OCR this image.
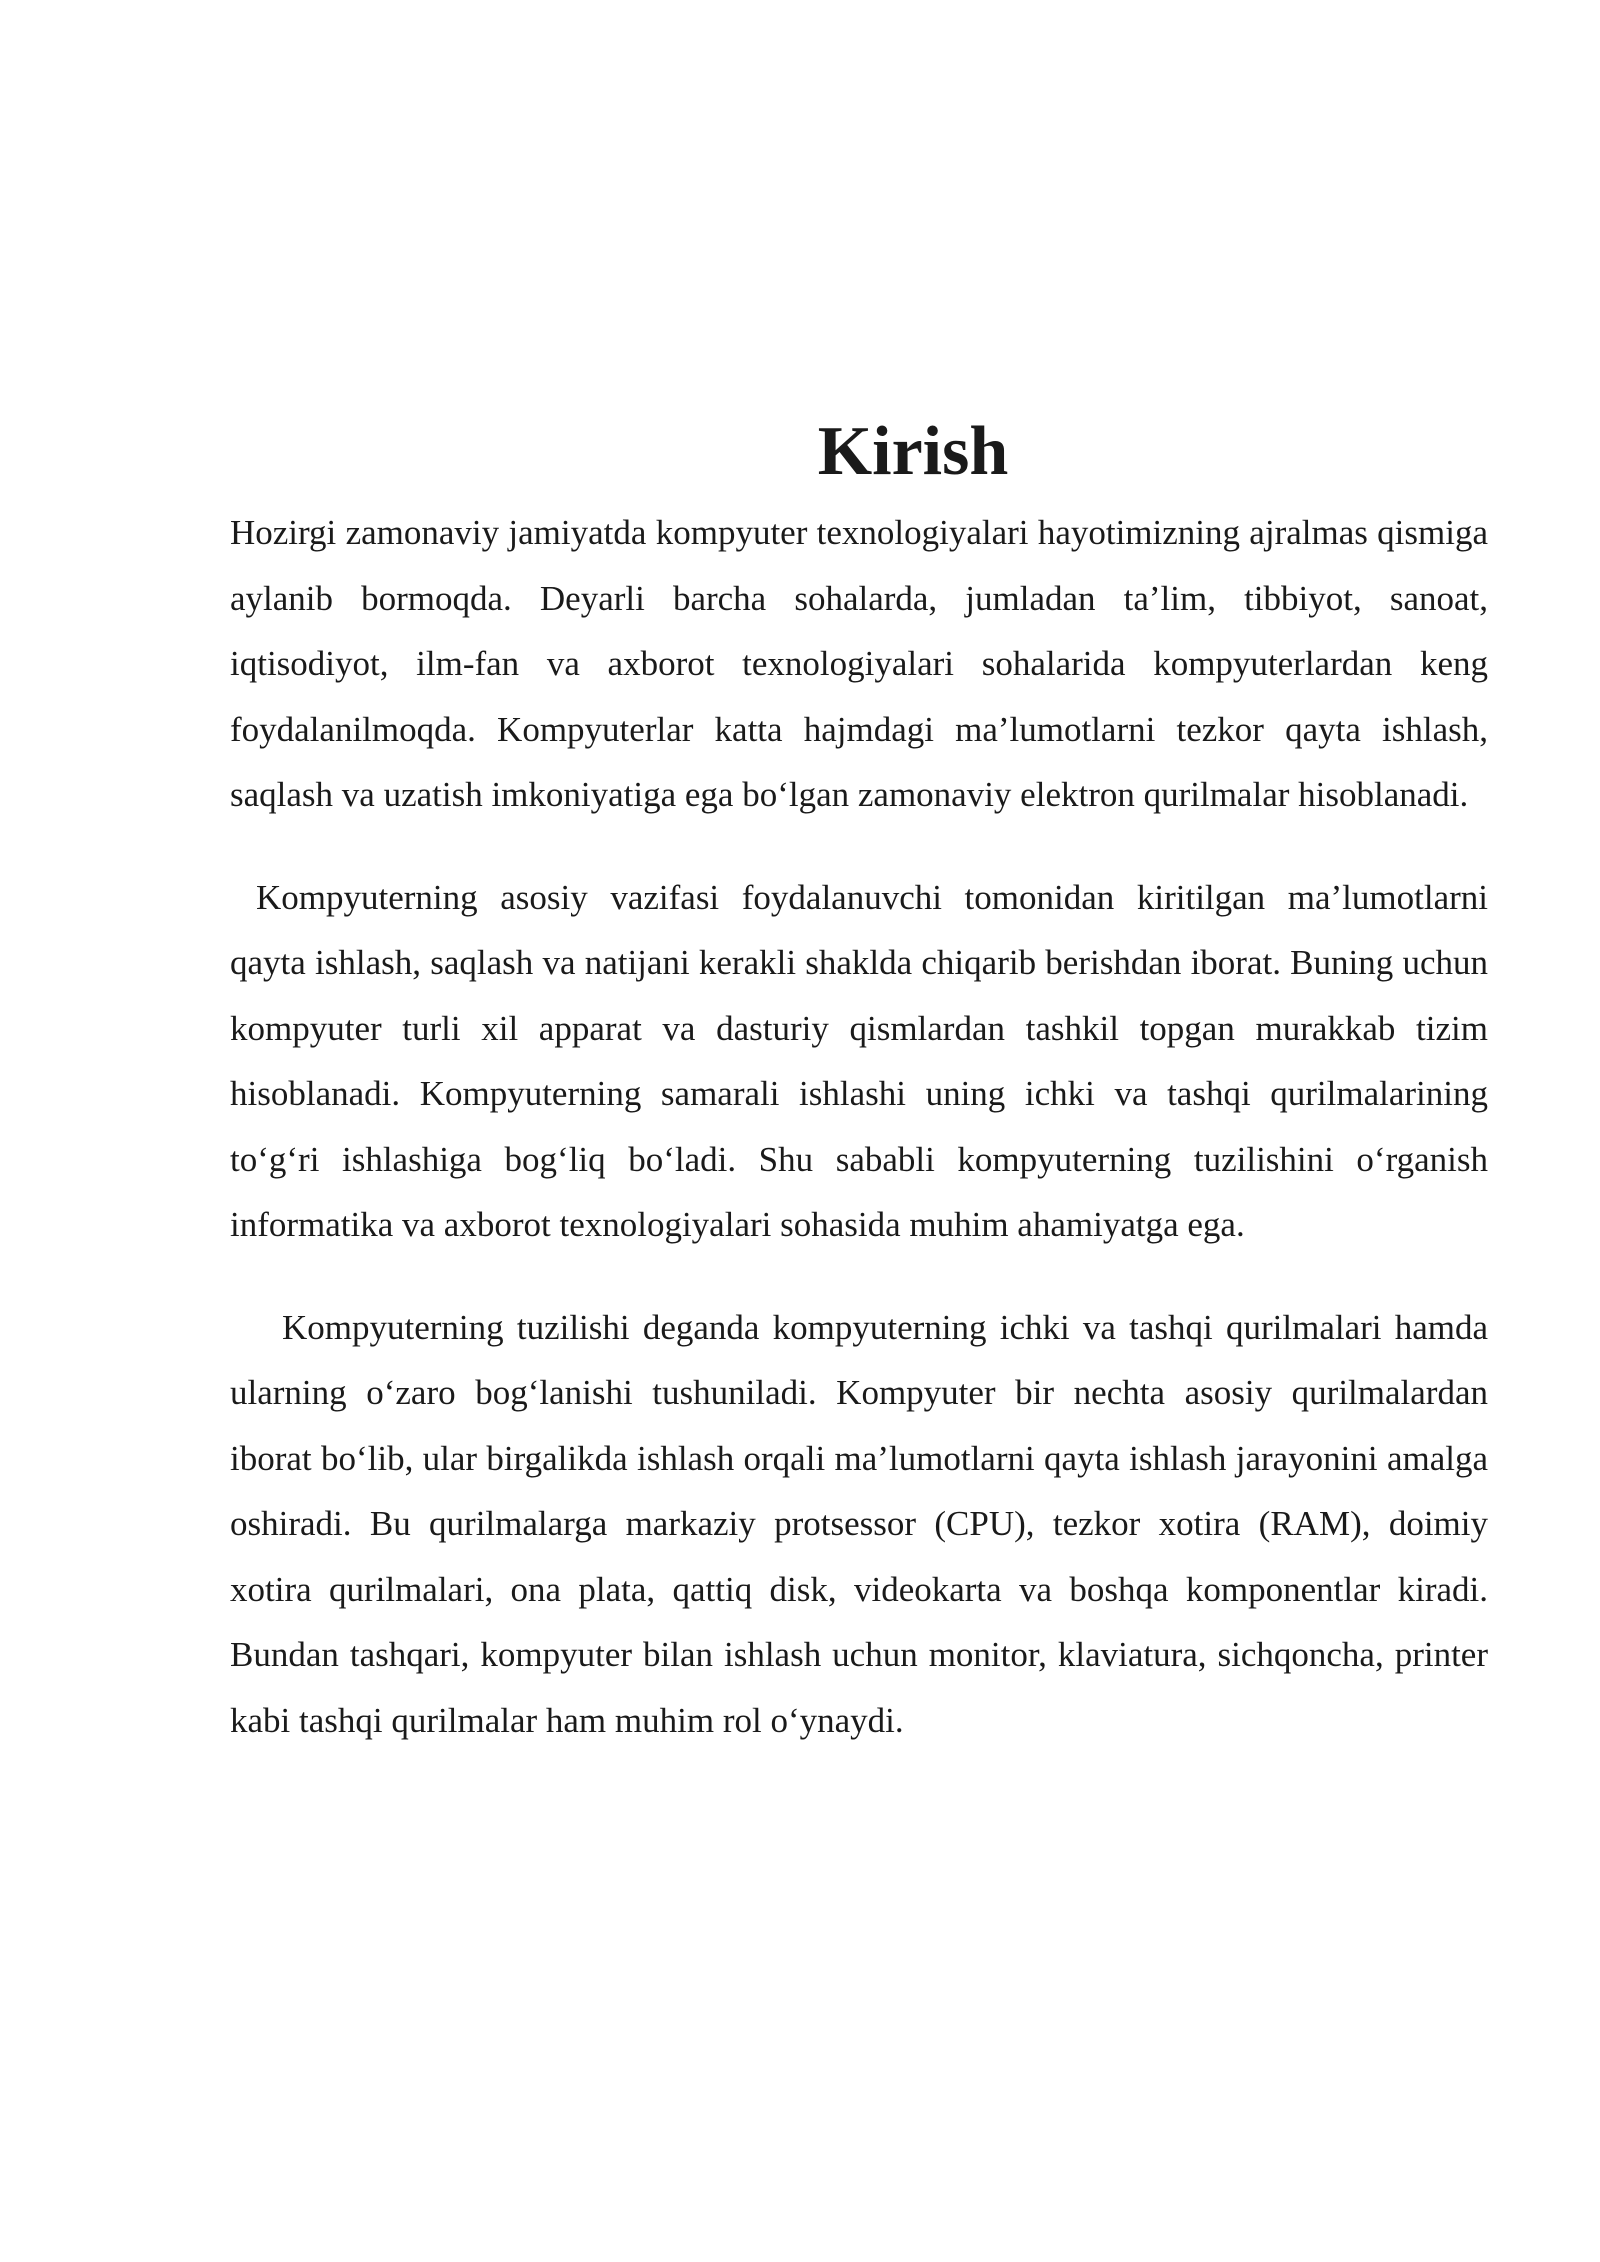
Kirish

Hozirgi zamonaviy jamiyatda kompyuter texnologiyalari hayotimizning ajralmas qismiga aylanib bormoqda. Deyarli barcha sohalarda, jumladan ta’lim, tibbiyot, sanoat, iqtisodiyot, ilm-fan va axborot texnologiyalari sohalarida kompyuterlardan keng foydalanilmoqda. Kompyuterlar katta hajmdagi ma’lumotlarni tezkor qayta ishlash, saqlash va uzatish imkoniyatiga ega bo‘lgan zamonaviy elektron qurilmalar hisoblanadi.

Kompyuterning asosiy vazifasi foydalanuvchi tomonidan kiritilgan ma’lumotlarni qayta ishlash, saqlash va natijani kerakli shaklda chiqarib berishdan iborat. Buning uchun kompyuter turli xil apparat va dasturiy qismlardan tashkil topgan murakkab tizim hisoblanadi. Kompyuterning samarali ishlashi uning ichki va tashqi qurilmalarining to‘g‘ri ishlashiga bog‘liq bo‘ladi. Shu sababli kompyuterning tuzilishini o‘rganish informatika va axborot texnologiyalari sohasida muhim ahamiyatga ega.

Kompyuterning tuzilishi deganda kompyuterning ichki va tashqi qurilmalari hamda ularning o‘zaro bog‘lanishi tushuniladi. Kompyuter bir nechta asosiy qurilmalardan iborat bo‘lib, ular birgalikda ishlash orqali ma’lumotlarni qayta ishlash jarayonini amalga oshiradi. Bu qurilmalarga markaziy protsessor (CPU), tezkor xotira (RAM), doimiy xotira qurilmalari, ona plata, qattiq disk, videokarta va boshqa komponentlar kiradi. Bundan tashqari, kompyuter bilan ishlash uchun monitor, klaviatura, sichqoncha, printer kabi tashqi qurilmalar ham muhim rol o‘ynaydi.
